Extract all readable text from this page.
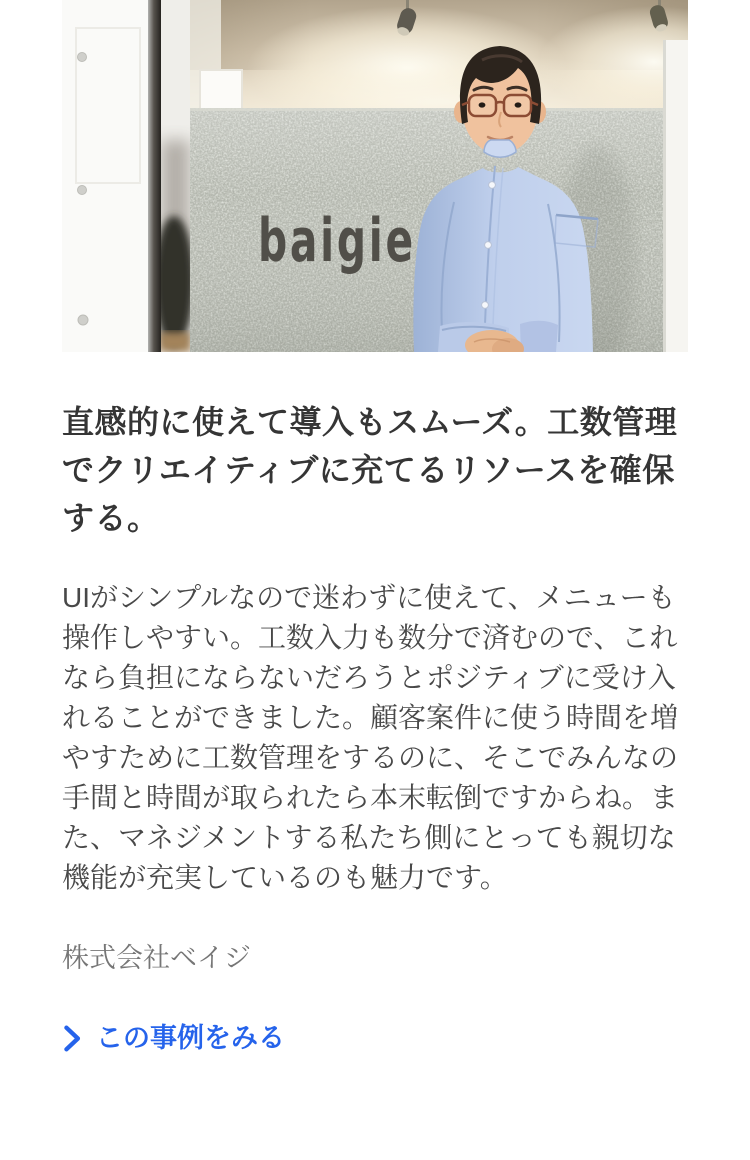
baigie
直感的に使えて導入もスムーズ。工数管理でクリエイティブに充てるリソースを確保する。

UIがシンプルなので迷わずに使えて、メニューも操作しやすい。工数入力も数分で済むので、これなら負担にならないだろうとポジティブに受け入れることができました。顧客案件に使う時間を増やすために工数管理をするのに、そこでみんなの手間と時間が取られたら本末転倒ですからね。また、マネジメントする私たち側にとっても親切な機能が充実しているのも魅力です。

株式会社ベイジ
この事例をみる
